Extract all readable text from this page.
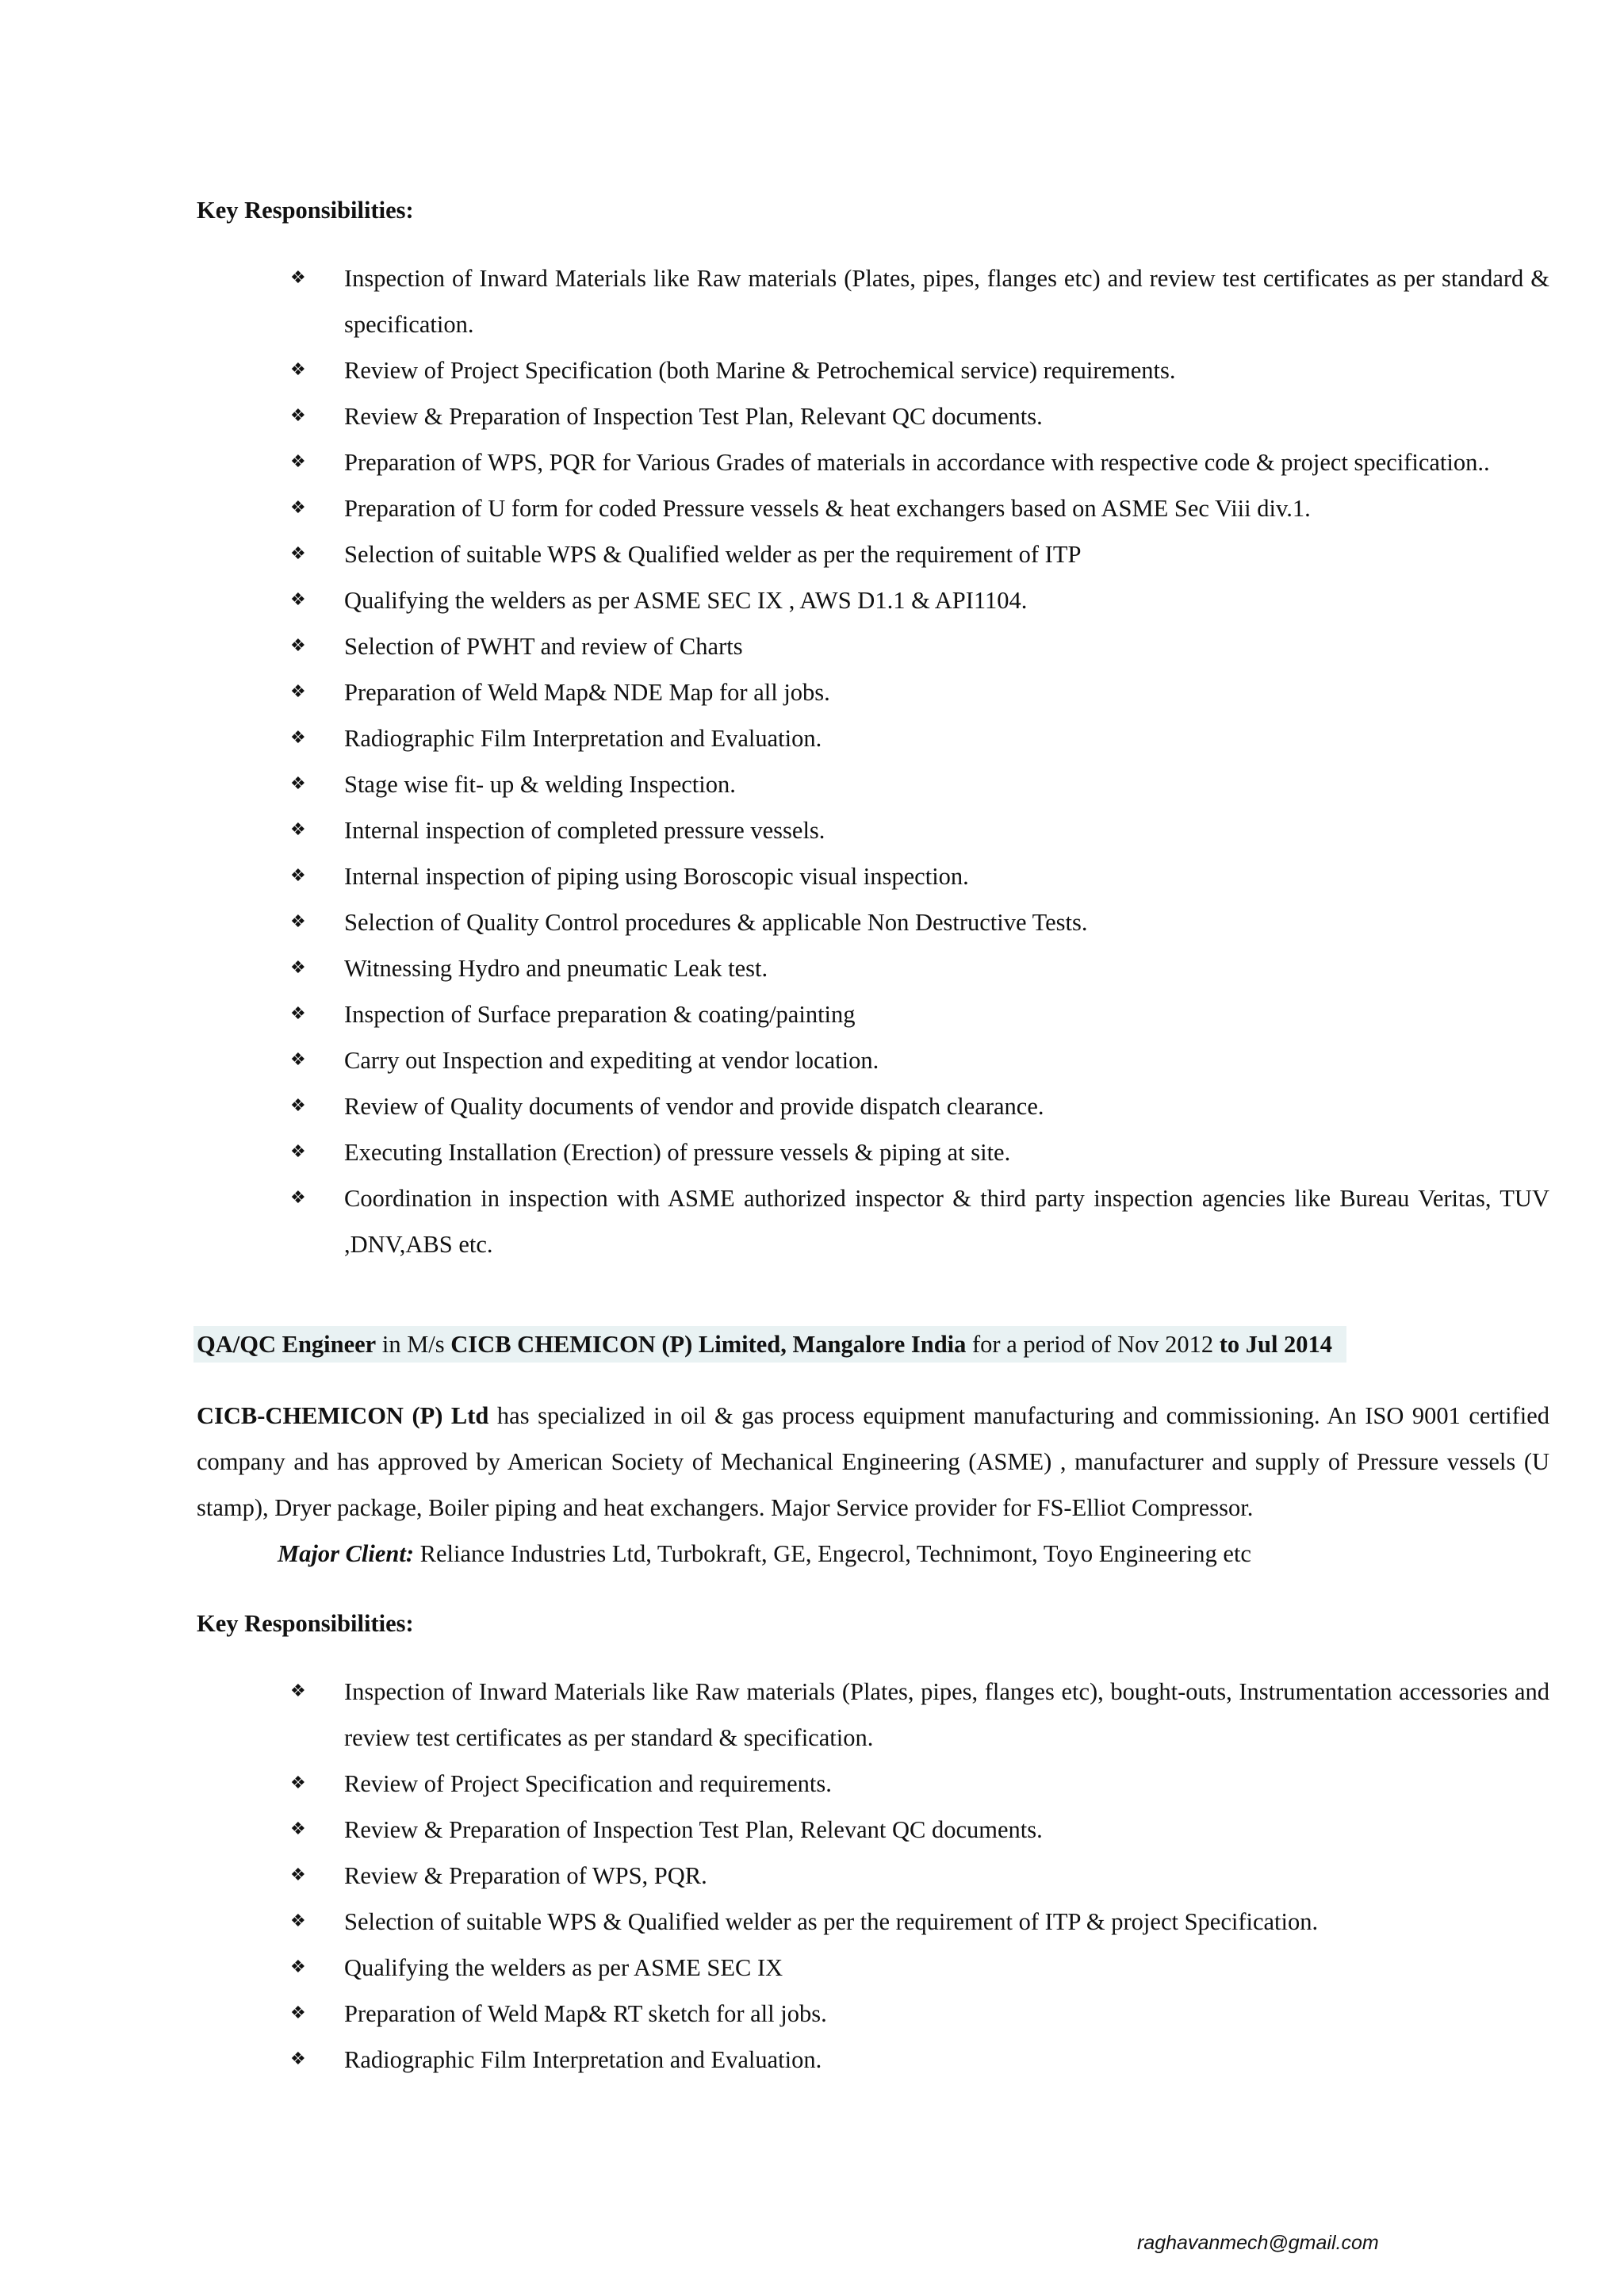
Key Responsibilities:

❖ Inspection of Inward Materials like Raw materials (Plates, pipes, flanges etc) and review test certificates as per standard & specification.
❖ Review of Project Specification (both Marine & Petrochemical service) requirements.
❖ Review & Preparation of Inspection Test Plan, Relevant QC documents.
❖ Preparation of WPS, PQR for Various Grades of materials in accordance with respective code & project specification..
❖ Preparation of U form for coded Pressure vessels & heat exchangers based on ASME Sec Viii div.1.
❖ Selection of suitable WPS & Qualified welder as per the requirement of ITP
❖ Qualifying the welders as per ASME SEC IX , AWS D1.1 & API1104.
❖ Selection of PWHT and review of Charts
❖ Preparation of Weld Map& NDE Map for all jobs.
❖ Radiographic Film Interpretation and Evaluation.
❖ Stage wise fit- up & welding Inspection.
❖ Internal inspection of completed pressure vessels.
❖ Internal inspection of piping using Boroscopic visual inspection.
❖ Selection of Quality Control procedures & applicable Non Destructive Tests.
❖ Witnessing Hydro and pneumatic Leak test.
❖ Inspection of Surface preparation & coating/painting
❖ Carry out Inspection and expediting at vendor location.
❖ Review of Quality documents of vendor and provide dispatch clearance.
❖ Executing Installation (Erection) of pressure vessels & piping at site.
❖ Coordination in inspection with ASME authorized inspector & third party inspection agencies like Bureau Veritas, TUV ,DNV,ABS etc.
QA/QC Engineer in M/s CICB CHEMICON (P) Limited, Mangalore India for a period of Nov 2012 to Jul 2014
CICB-CHEMICON (P) Ltd has specialized in oil & gas process equipment manufacturing and commissioning. An ISO 9001 certified company and has approved by American Society of Mechanical Engineering (ASME) , manufacturer and supply of Pressure vessels (U stamp), Dryer package, Boiler piping and heat exchangers. Major Service provider for FS-Elliot Compressor.
Major Client: Reliance Industries Ltd, Turbokraft, GE, Engecrol, Technimont, Toyo Engineering etc

Key Responsibilities:

❖ Inspection of Inward Materials like Raw materials (Plates, pipes, flanges etc), bought-outs, Instrumentation accessories and review test certificates as per standard & specification.
❖ Review of Project Specification and requirements.
❖ Review & Preparation of Inspection Test Plan, Relevant QC documents.
❖ Review & Preparation of WPS, PQR.
❖ Selection of suitable WPS & Qualified welder as per the requirement of ITP & project Specification.
❖ Qualifying the welders as per ASME SEC IX
❖ Preparation of Weld Map& RT sketch for all jobs.
❖ Radiographic Film Interpretation and Evaluation.
raghavanmech@gmail.com
